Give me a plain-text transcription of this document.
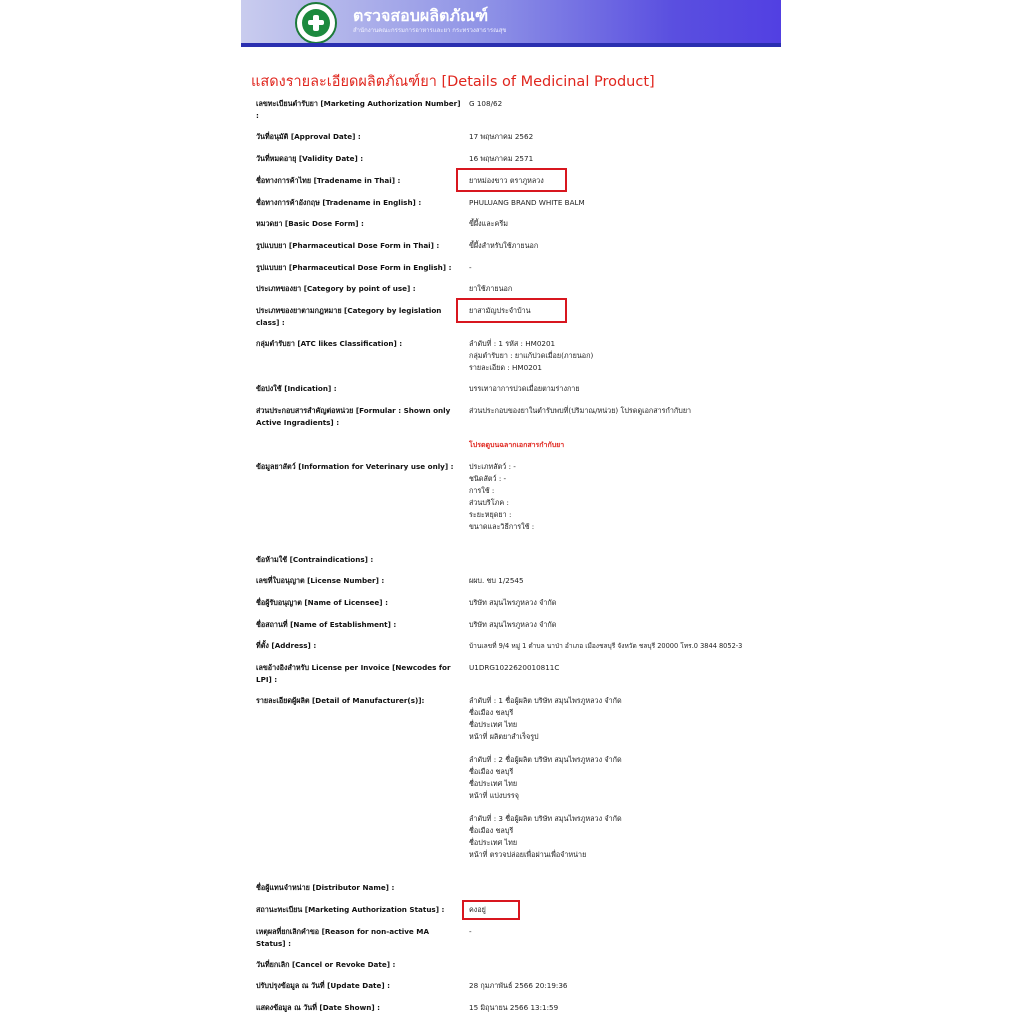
ตรวจสอบผลิตภัณฑ์
สำนักงานคณะกรรมการอาหารและยา กระทรวงสาธารณสุข
แสดงรายละเอียดผลิตภัณฑ์ยา [Details of Medicinal Product]
เลขทะเบียนตำรับยา [Marketing Authorization Number] :
G 108/62
วันที่อนุมัติ [Approval Date] :	17 พฤษภาคม 2562
วันที่หมดอายุ [Validity Date] :	16 พฤษภาคม 2571
ชื่อทางการค้าไทย [Tradename in Thai] :	ยาหม่องขาว ตราภูหลวง
ชื่อทางการค้าอังกฤษ [Tradename in English] :	PHULUANG BRAND WHITE BALM
หมวดยา [Basic Dose Form] :	ขี้ผึ้งและครีม
รูปแบบยา [Pharmaceutical Dose Form in Thai] :	ขี้ผึ้งสำหรับใช้ภายนอก
รูปแบบยา [Pharmaceutical Dose Form in English] :	-
ประเภทของยา [Category by point of use] :	ยาใช้ภายนอก
ประเภทของยาตามกฎหมาย [Category by legislation class] :
ยาสามัญประจำบ้าน
กลุ่มตำรับยา [ATC likes Classification] :	ลำดับที่ : 1 รหัส : HM0201
กลุ่มตำรับยา : ยาแก้ปวดเมื่อย(ภายนอก)
รายละเอียด : HM0201
ข้อบ่งใช้ [Indication] :	บรรเทาอาการปวดเมื่อยตามร่างกาย
ส่วนประกอบสารสำคัญต่อหน่วย [Formular : Shown only Active Ingradients] :
ส่วนประกอบของยาในตำรับพบที่(ปริมาณ/หน่วย) โปรดดูเอกสารกำกับยา
โปรดดูบนฉลากเอกสารกำกับยา
ข้อมูลยาสัตว์ [Information for Veterinary use only] :	ประเภทสัตว์ : -
ชนิดสัตว์ : -
การใช้ :
ส่วนบริโภค :
ระยะหยุดยา :
ขนาดและวิธีการใช้ :
ข้อห้ามใช้ [Contraindications] :
เลขที่ใบอนุญาต [License Number] :	ผผบ. ชบ 1/2545
ชื่อผู้รับอนุญาต [Name of Licensee] :	บริษัท สมุนไพรภูหลวง จำกัด
ชื่อสถานที่ [Name of Establishment] :	บริษัท สมุนไพรภูหลวง จำกัด
ที่ตั้ง [Address] :	บ้านเลขที่ 9/4 หมู่ 1 ตำบล นาป่า อำเภอ เมืองชลบุรี จังหวัด ชลบุรี 20000 โทร.0 3844 8052-3
เลขอ้างอิงสำหรับ License per Invoice [Newcodes for LPI] :
U1DRG1022620010811C
รายละเอียดผู้ผลิต [Detail of Manufacturer(s)]:	ลำดับที่ : 1 ชื่อผู้ผลิต บริษัท สมุนไพรภูหลวง จำกัด
ชื่อเมือง ชลบุรี
ชื่อประเทศ ไทย
หน้าที่ ผลิตยาสำเร็จรูป
ลำดับที่ : 2 ชื่อผู้ผลิต บริษัท สมุนไพรภูหลวง จำกัด
ชื่อเมือง ชลบุรี
ชื่อประเทศ ไทย
หน้าที่ แบ่งบรรจุ
ลำดับที่ : 3 ชื่อผู้ผลิต บริษัท สมุนไพรภูหลวง จำกัด
ชื่อเมือง ชลบุรี
ชื่อประเทศ ไทย
หน้าที่ ตรวจปล่อยเพื่อผ่านเพื่อจำหน่าย
ชื่อผู้แทนจำหน่าย [Distributor Name] :
สถานะทะเบียน [Marketing Authorization Status] :	คงอยู่
เหตุผลที่ยกเลิกคำขอ [Reason for non-active MA Status] :
-
วันที่ยกเลิก [Cancel or Revoke Date] :
ปรับปรุงข้อมูล ณ วันที่ [Update Date] :	28 กุมภาพันธ์ 2566 20:19:36
แสดงข้อมูล ณ วันที่ [Date Shown] :	15 มิถุนายน 2566 13:1:59
